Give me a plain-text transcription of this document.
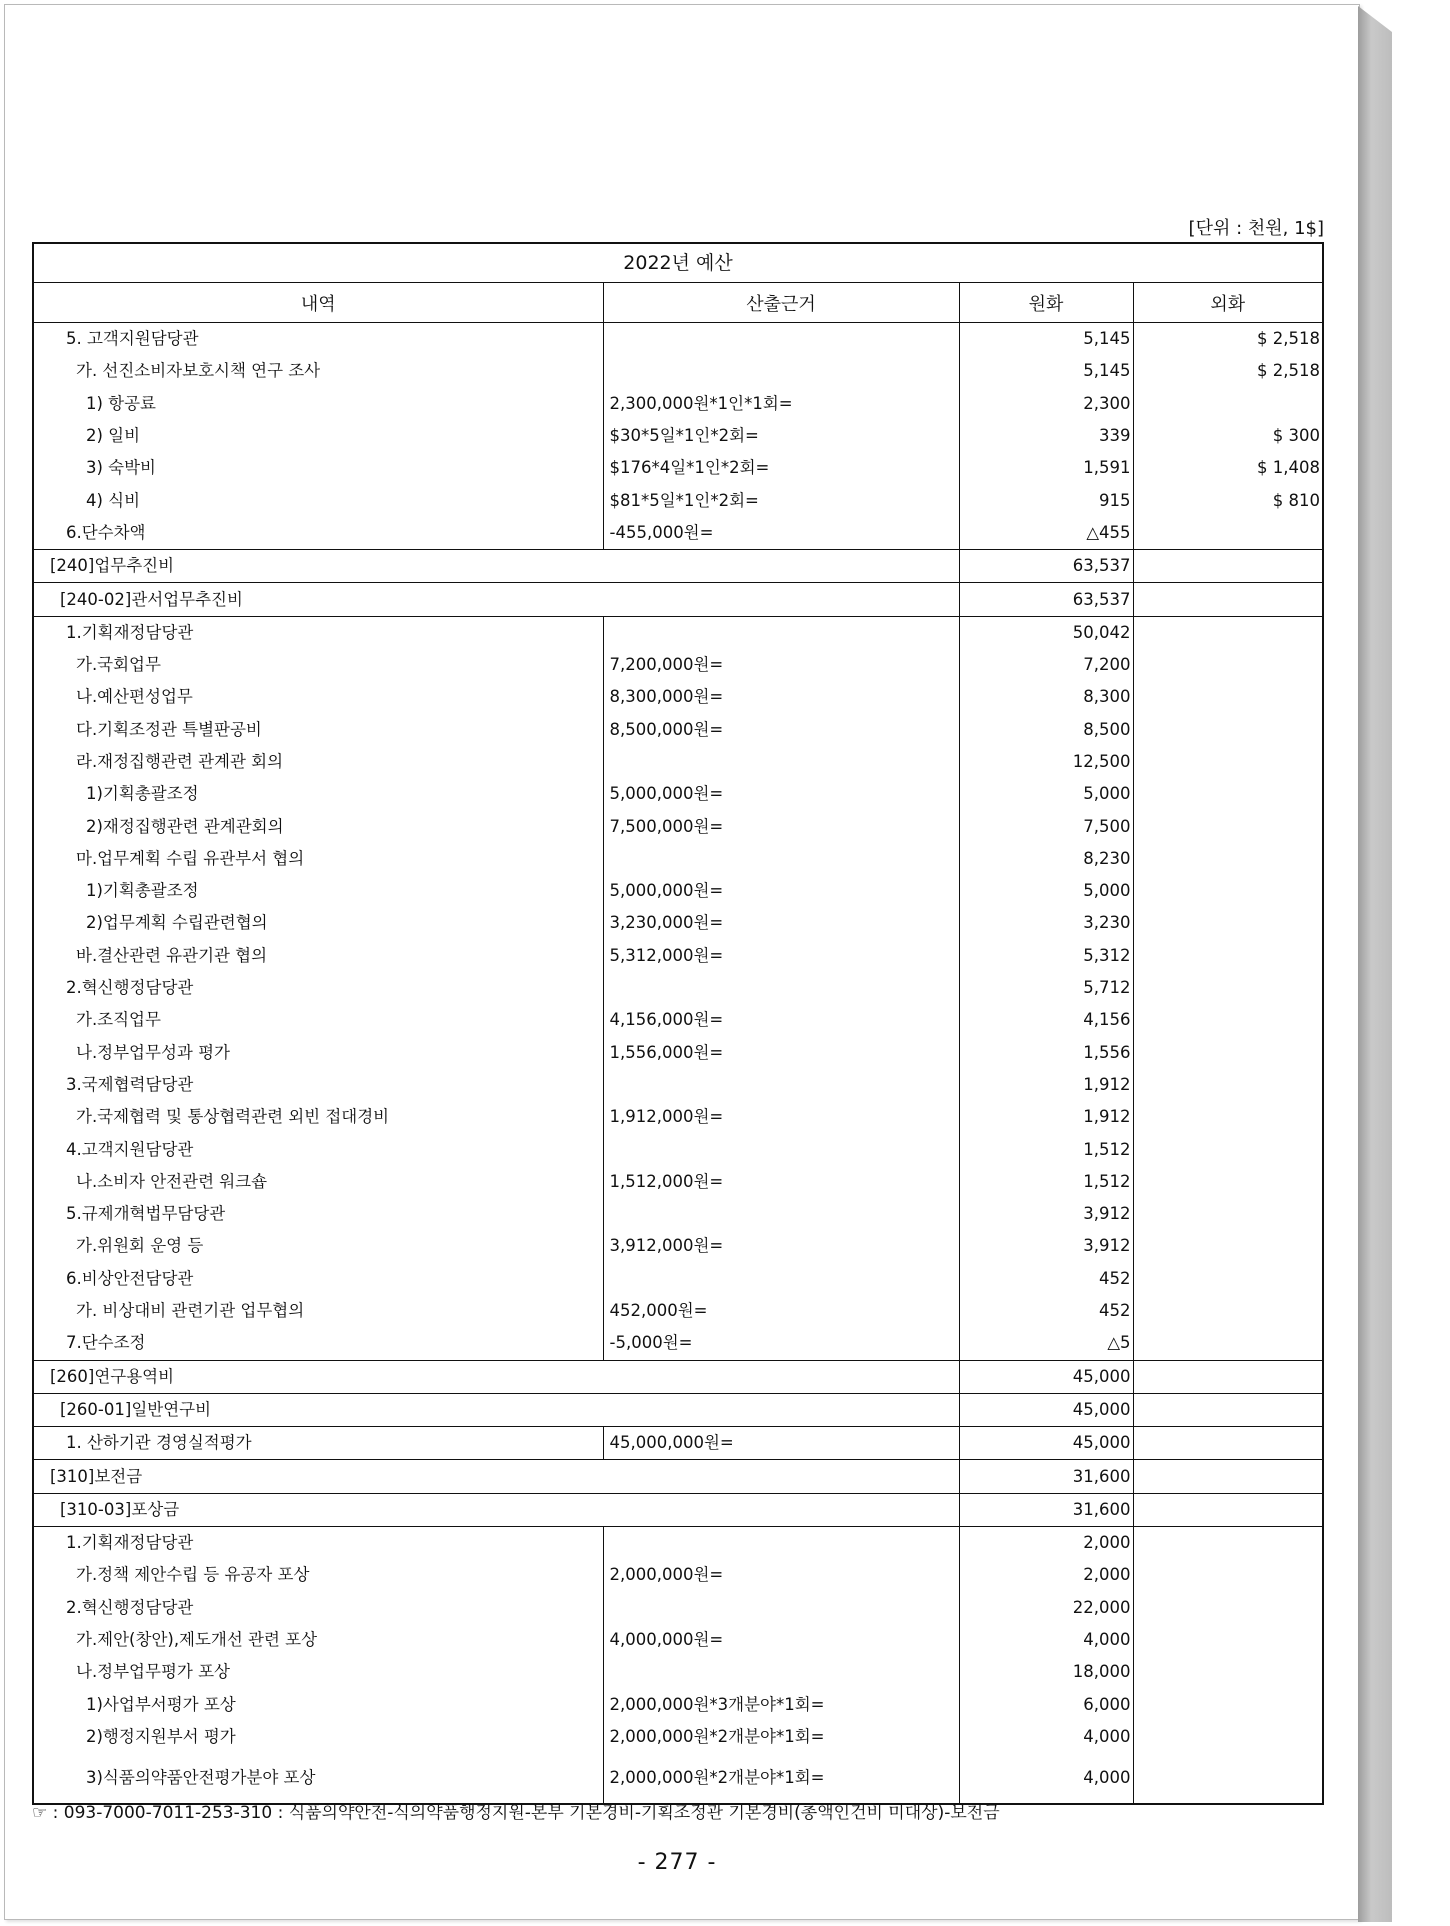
[단위 : 천원, 1$]
2022년 예산
내역	산출근거	원화	외화
5. 고객지원담당관		5,145	$ 2,518
가. 선진소비자보호시책 연구 조사		5,145	$ 2,518
1) 항공료	2,300,000원*1인*1회=	2,300	
2) 일비	$30*5일*1인*2회=	339	$ 300
3) 숙박비	$176*4일*1인*2회=	1,591	$ 1,408
4) 식비	$81*5일*1인*2회=	915	$ 810
6.단수차액	-455,000원=	△455	
[240]업무추진비		63,537	
[240-02]관서업무추진비		63,537	
1.기획재정담당관		50,042	
가.국회업무	7,200,000원=	7,200	
나.예산편성업무	8,300,000원=	8,300	
다.기획조정관 특별판공비	8,500,000원=	8,500	
라.재정집행관련 관계관 회의		12,500	
1)기획총괄조정	5,000,000원=	5,000	
2)재정집행관련 관계관회의	7,500,000원=	7,500	
마.업무계획 수립 유관부서 협의		8,230	
1)기획총괄조정	5,000,000원=	5,000	
2)업무계획 수립관련협의	3,230,000원=	3,230	
바.결산관련 유관기관 협의	5,312,000원=	5,312	
2.혁신행정담당관		5,712	
가.조직업무	4,156,000원=	4,156	
나.정부업무성과 평가	1,556,000원=	1,556	
3.국제협력담당관		1,912	
가.국제협력 및 통상협력관련 외빈 접대경비	1,912,000원=	1,912	
4.고객지원담당관		1,512	
나.소비자 안전관련 워크숍	1,512,000원=	1,512	
5.규제개혁법무담당관		3,912	
가.위원회 운영 등	3,912,000원=	3,912	
6.비상안전담당관		452	
가. 비상대비 관련기관 업무협의	452,000원=	452	
7.단수조정	-5,000원=	△5	
[260]연구용역비		45,000	
[260-01]일반연구비		45,000	
1. 산하기관 경영실적평가	45,000,000원=	45,000	
[310]보전금		31,600	
[310-03]포상금		31,600	
1.기획재정담당관		2,000	
가.정책 제안수립 등 유공자 포상	2,000,000원=	2,000	
2.혁신행정담당관		22,000	
가.제안(창안),제도개선 관련 포상	4,000,000원=	4,000	
나.정부업무평가 포상		18,000	
1)사업부서평가 포상	2,000,000원*3개분야*1회=	6,000	
2)행정지원부서 평가	2,000,000원*2개분야*1회=	4,000	
3)식품의약품안전평가분야 포상	2,000,000원*2개분야*1회=	4,000	
☞ : 093-7000-7011-253-310 : 식품의약안전-식의약품행정지원-본부 기본경비-기획조정관 기본경비(총액인건비 미대상)-보전금
- 277 -
